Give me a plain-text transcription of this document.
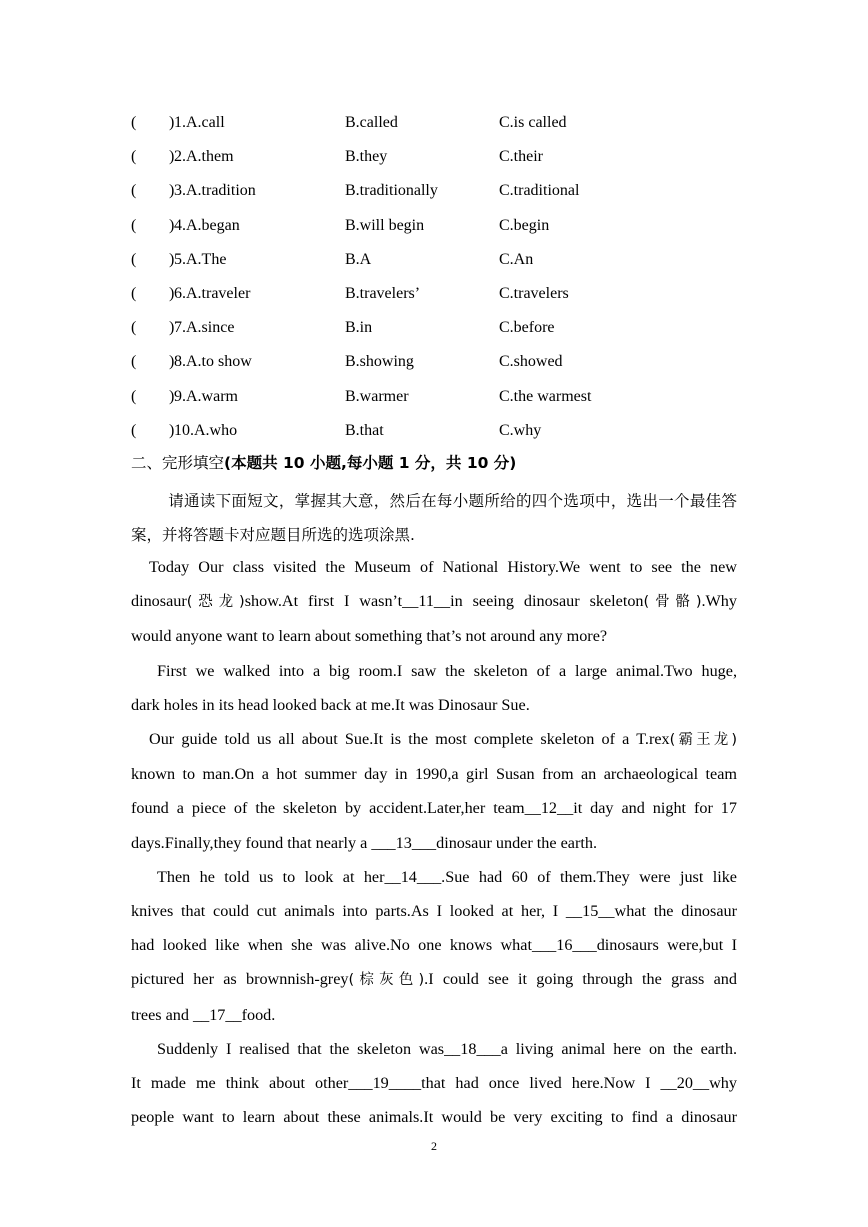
( ) 1.A.call	B.called	C.is called
( ) 2.A.them	B.they	C.their
( ) 3.A.tradition	B.traditionally	C.traditional
( ) 4.A.began	B.will begin	C.begin
( ) 5.A.The	B.A	C.An
( ) 6.A.traveler	B.travelers’	C.travelers
( ) 7.A.since	B.in	C.before
( ) 8.A.to show	B.showing	C.showed
( ) 9.A.warm	B.warmer	C.the warmest
( ) 10.A.who	B.that	C.why
二、完形填空(本题共 10 小题,每小题 1 分，共 10 分)
请通读下面短文，掌握其大意，然后在每小题所给的四个选项中，选出一个最佳答案，并将答题卡对应题目所选的选项涂黑.

Today Our class visited the Museum of National History.We went to see the new

dinosaur(恐龙)show.At first I wasn’t__11__in seeing dinosaur skeleton(骨骼).Why

would anyone want to learn about something that’s not around any more?

First we walked into a big room.I saw the skeleton of a large animal.Two huge,

dark holes in its head looked back at me.It was Dinosaur Sue.

Our guide told us all about Sue.It is the most complete skeleton of a T.rex(霸王龙)

known to man.On a hot summer day in 1990,a girl Susan from an archaeological team

found a piece of the skeleton by accident.Later,her team__12__it day and night for 17

days.Finally,they found that nearly a ___13___dinosaur under the earth.

Then he told us to look at her__14___.Sue had 60 of them.They were just like

knives that could cut animals into parts.As I looked at her, I __15__what the dinosaur

had looked like when she was alive.No one knows what___16___dinosaurs were,but I

pictured her as brownnish-grey(棕灰色).I could see it going through the grass and

trees and __17__food.

Suddenly I realised that the skeleton was__18___a living animal here on the earth.

It made me think about other___19____that had once lived here.Now I __20__why

people want to learn about these animals.It would be very exciting to find a dinosaur

2
